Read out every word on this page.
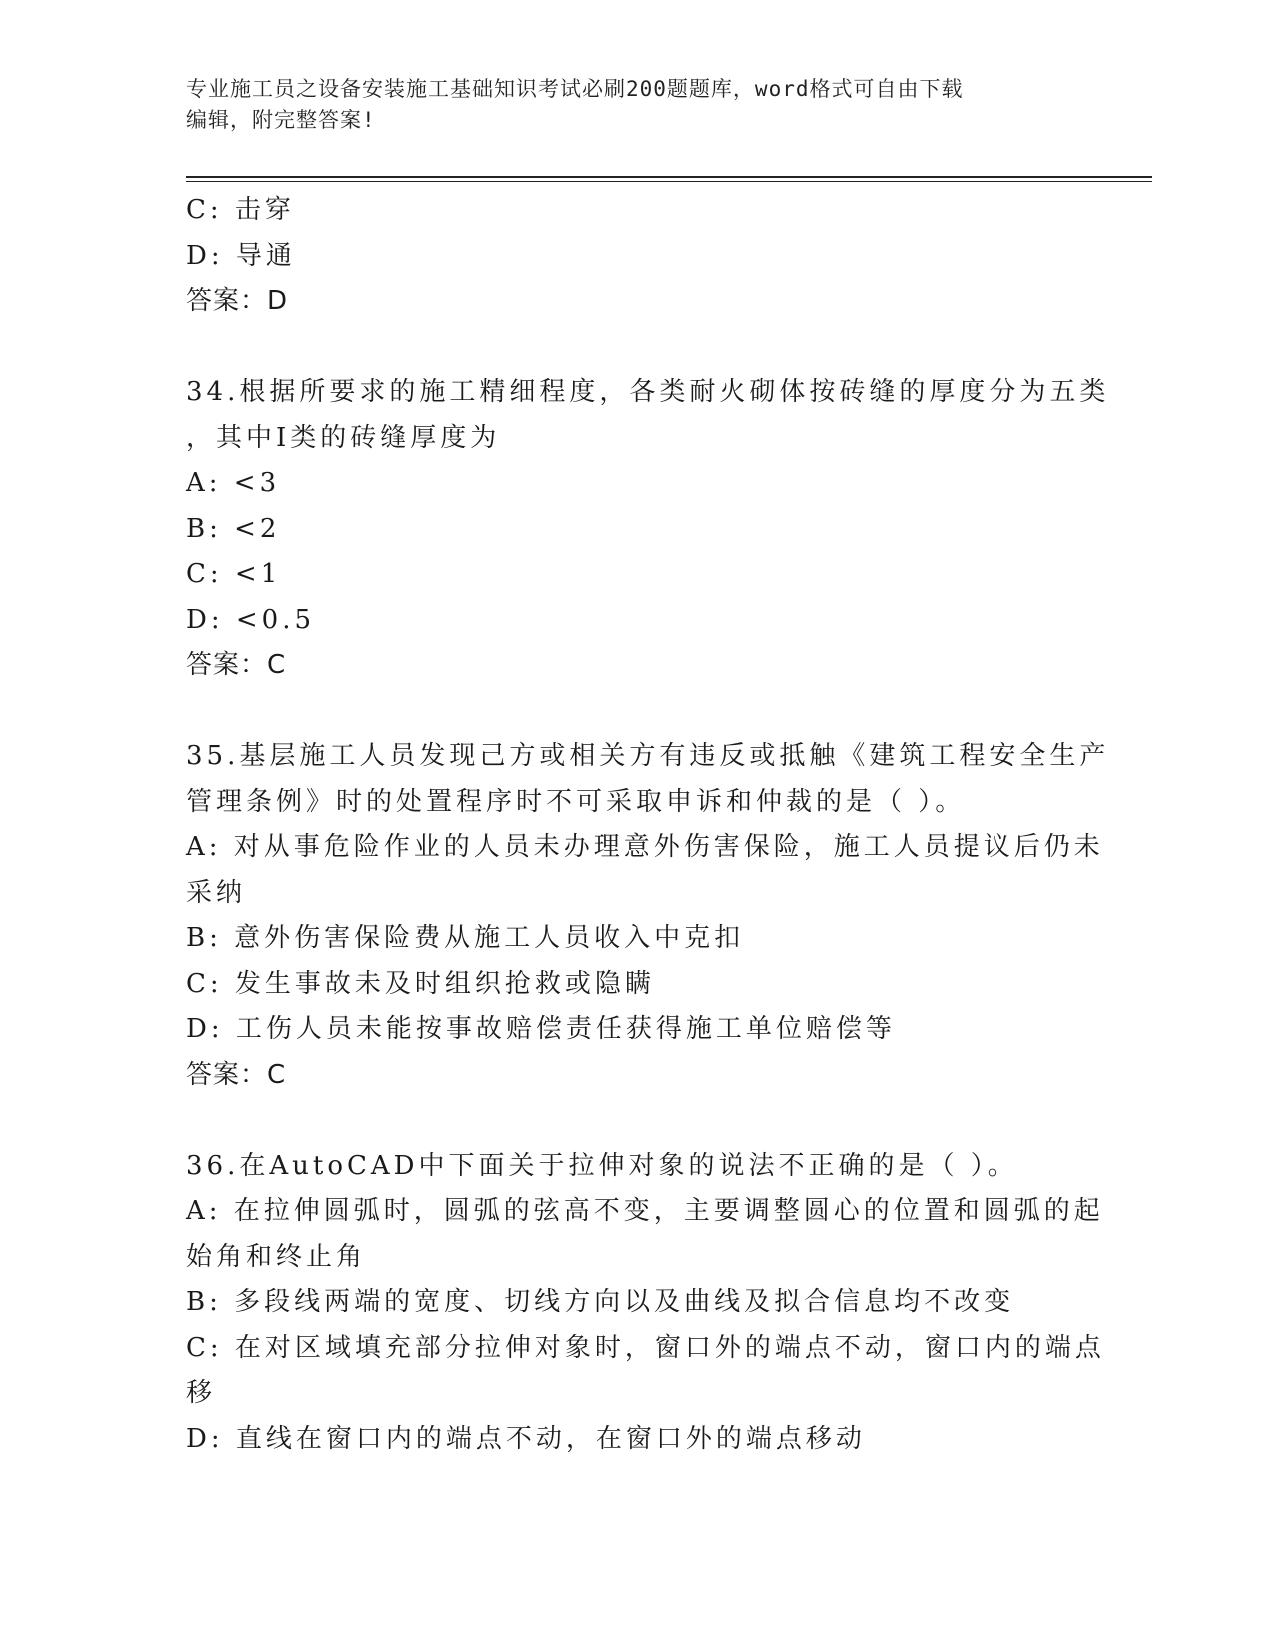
专业施工员之设备安装施工基础知识考试必刷200题题库，word格式可自由下载
编辑，附完整答案!
C: 击穿
D: 导通
答案：D
34.根据所要求的施工精细程度，各类耐火砌体按砖缝的厚度分为五类
，其中Ⅰ类的砖缝厚度为
A: <3
B: <2
C: <1
D: <0.5
答案：C
35.基层施工人员发现己方或相关方有违反或抵触《建筑工程安全生产
管理条例》时的处置程序时不可采取申诉和仲裁的是（ ）。
A: 对从事危险作业的人员未办理意外伤害保险，施工人员提议后仍未
采纳
B: 意外伤害保险费从施工人员收入中克扣
C: 发生事故未及时组织抢救或隐瞒
D: 工伤人员未能按事故赔偿责任获得施工单位赔偿等
答案：C
36.在AutoCAD中下面关于拉伸对象的说法不正确的是（ ）。
A: 在拉伸圆弧时，圆弧的弦高不变，主要调整圆心的位置和圆弧的起
始角和终止角
B: 多段线两端的宽度、切线方向以及曲线及拟合信息均不改变
C: 在对区域填充部分拉伸对象时，窗口外的端点不动，窗口内的端点
移
D: 直线在窗口内的端点不动，在窗口外的端点移动
